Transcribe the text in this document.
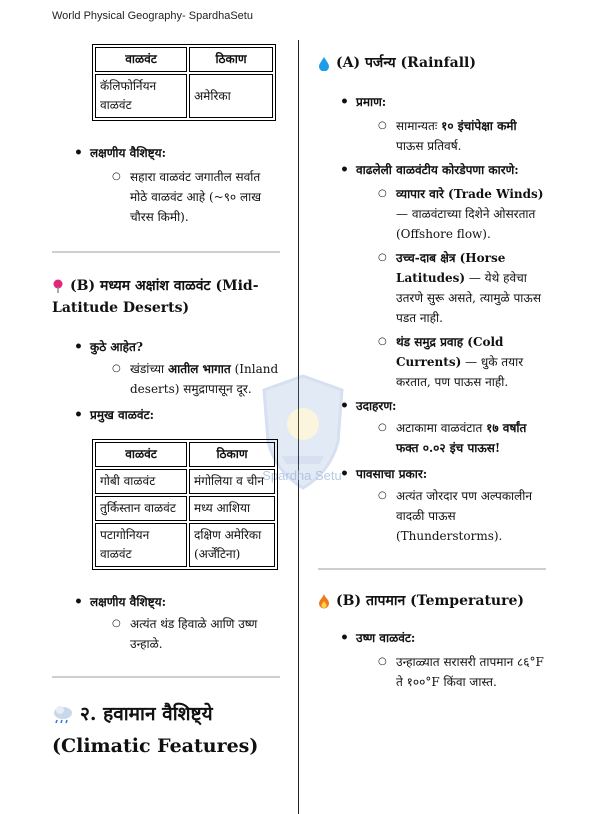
World Physical Geography- SpardhaSetu
Spardha Setu
वाळवंट	ठिकाण
कॅलिफोर्नियन वाळवंट	अमेरिका
• लक्षणीय वैशिष्ट्य:
○ सहारा वाळवंट जगातील सर्वात मोठे वाळवंट आहे (~९० लाख चौरस किमी).
(B) मध्यम अक्षांश वाळवंट (Mid-Latitude Deserts)
• कुठे आहेत?
○ खंडांच्या आतील भागात (Inland deserts) समुद्रापासून दूर.
• प्रमुख वाळवंट:
वाळवंट	ठिकाण
गोबी वाळवंट	मंगोलिया व चीन
तुर्किस्तान वाळवंट	मध्य आशिया
पटागोनियन वाळवंट	दक्षिण अमेरिका (अर्जेंटिना)
• लक्षणीय वैशिष्ट्य:
○ अत्यंत थंड हिवाळे आणि उष्ण उन्हाळे.
२. हवामान वैशिष्ट्ये
(Climatic Features)
(A) पर्जन्य (Rainfall)
• प्रमाण:
○ सामान्यतः १० इंचांपेक्षा कमी पाऊस प्रतिवर्ष.
• वाढलेली वाळवंटीय कोरडेपणा कारणे:
○ व्यापार वारे (Trade Winds) — वाळवंटाच्या दिशेने ओसरतात (Offshore flow).
○ उच्च-दाब क्षेत्र (Horse Latitudes) — येथे हवेचा उतरणे सुरू असते, त्यामुळे पाऊस पडत नाही.
○ थंड समुद्र प्रवाह (Cold Currents) — धुके तयार करतात, पण पाऊस नाही.
• उदाहरण:
○ अटाकामा वाळवंटात १७ वर्षांत फक्त ०.०२ इंच पाऊस!
• पावसाचा प्रकार:
○ अत्यंत जोरदार पण अल्पकालीन वादळी पाऊस (Thunderstorms).
(B) तापमान (Temperature)
• उष्ण वाळवंट:
○ उन्हाळ्यात सरासरी तापमान ८६°F ते १००°F किंवा जास्त.
